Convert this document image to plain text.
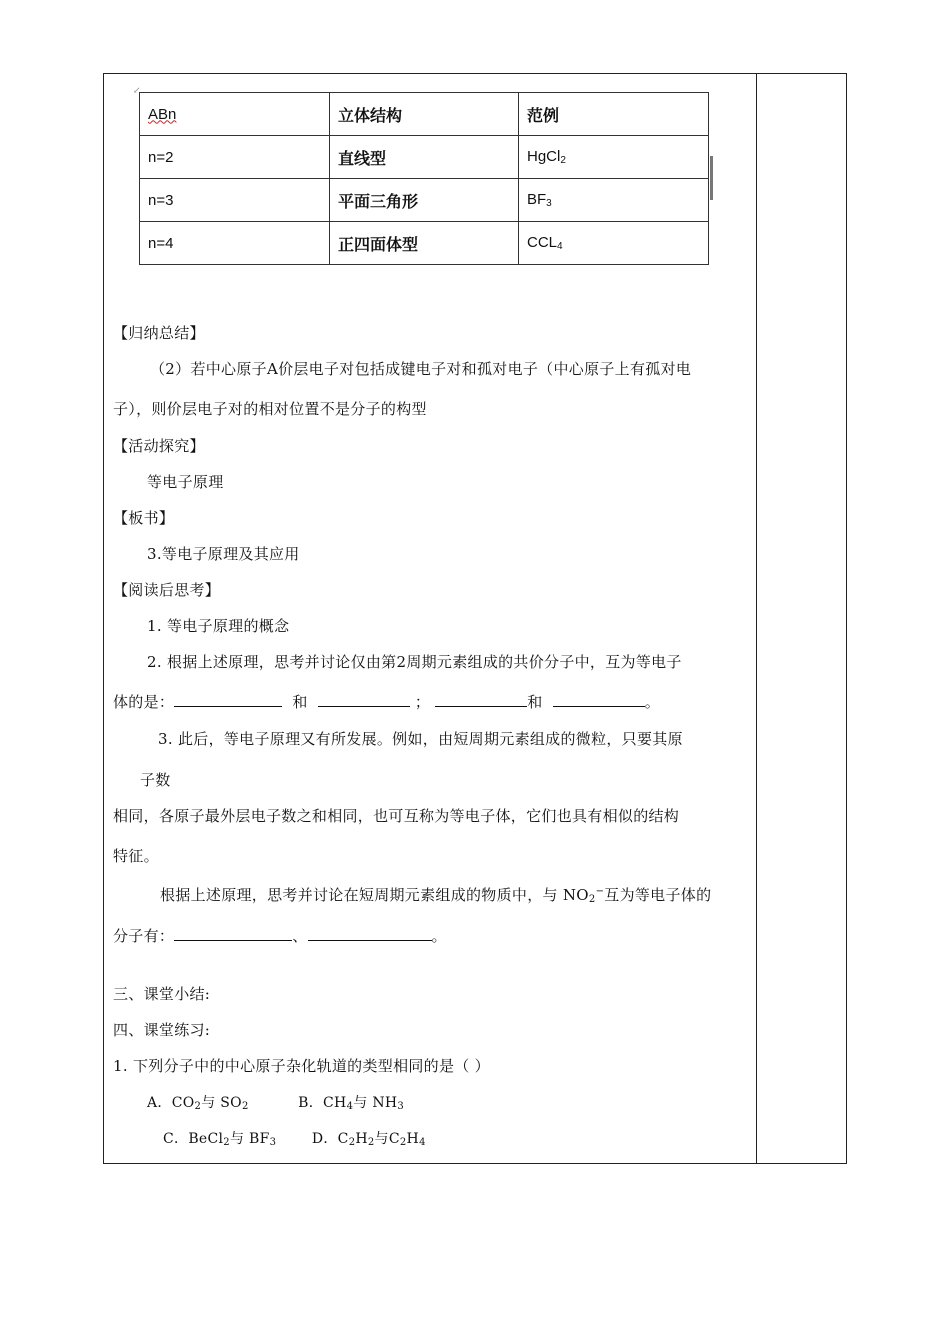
↙
ABn	立体结构	范例
n=2	直线型	HgCl$_2$
n=3	平面三角形	$BF_3$
n=4	正四面体型	$CCL_4$
【归纳总结】
（2）若中心原子A价层电子对包括成键电子对和孤对电子（中心原子上有孤对电
子），则价层电子对的相对位置不是分子的构型
【活动探究】
等电子原理
【板书】
3.等电子原理及其应用
【阅读后思考】
1. 等电子原理的概念
2. 根据上述原理，思考并讨论仅由第2周期元素组成的共价分子中，互为等电子
体的是：	和	；	和	。
3. 此后，等电子原理又有所发展。例如，由短周期元素组成的微粒，只要其原
子数
相同，各原子最外层电子数之和相同，也可互称为等电子体，它们也具有相似的结构
特征。
根据上述原理，思考并讨论在短周期元素组成的物质中，与 $NO_2^-$互为等电子体的
分子有：	、	。
三、课堂小结:
四、课堂练习:
1. 下列分子中的中心原子杂化轨道的类型相同的是（ ）
A．$CO_2$与 $SO_2$	B．$CH_4$与 $NH_3$
C．BeCl$_2$与 $BF_3$	D．$C_2H_2$与$C_2H_4$
